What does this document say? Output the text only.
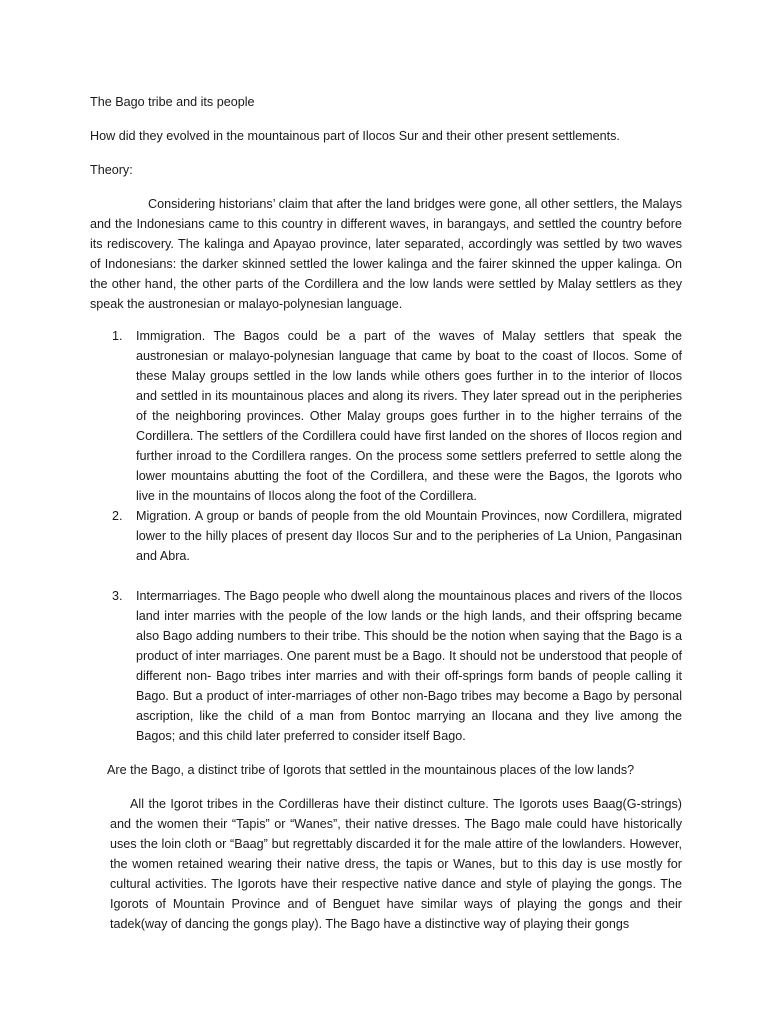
The Bago tribe and its people
How did they evolved in the mountainous part of Ilocos Sur and their other present settlements.
Theory:

Considering historians’ claim that after the land bridges were gone, all other settlers, the Malays and the Indonesians came to this country in different waves, in barangays, and settled the country before its rediscovery. The kalinga and Apayao province, later separated, accordingly was settled by two waves of Indonesians: the darker skinned settled the lower kalinga and the fairer skinned the upper kalinga. On the other hand, the other parts of the Cordillera and the low lands were settled by Malay settlers as they speak the austronesian or malayo-polynesian language.

1. Immigration. The Bagos could be a part of the waves of Malay settlers that speak the austronesian or malayo-polynesian language that came by boat to the coast of Ilocos. Some of these Malay groups settled in the low lands while others goes further in to the interior of Ilocos and settled in its mountainous places and along its rivers. They later spread out in the peripheries of the neighboring provinces. Other Malay groups goes further in to the higher terrains of the Cordillera. The settlers of the Cordillera could have first landed on the shores of Ilocos region and further inroad to the Cordillera ranges. On the process some settlers preferred to settle along the lower mountains abutting the foot of the Cordillera, and these were the Bagos, the Igorots who live in the mountains of Ilocos along the foot of the Cordillera.
2. Migration. A group or bands of people from the old Mountain Provinces, now Cordillera, migrated lower to the hilly places of present day Ilocos Sur and to the peripheries of La Union, Pangasinan and Abra.
3. Intermarriages. The Bago people who dwell along the mountainous places and rivers of the Ilocos land inter marries with the people of the low lands or the high lands, and their offspring became also Bago adding numbers to their tribe. This should be the notion when saying that the Bago is a product of inter marriages. One parent must be a Bago. It should not be understood that people of different non- Bago tribes inter marries and with their off-springs form bands of people calling it Bago. But a product of inter-marriages of other non-Bago tribes may become a Bago by personal ascription, like the child of a man from Bontoc marrying an Ilocana and they live among the Bagos; and this child later preferred to consider itself Bago.
Are the Bago, a distinct tribe of Igorots that settled in the mountainous places of the low lands?

All the Igorot tribes in the Cordilleras have their distinct culture. The Igorots uses Baag(G-strings) and the women their “Tapis” or “Wanes”, their native dresses. The Bago male could have historically uses the loin cloth or “Baag” but regrettably discarded it for the male attire of the lowlanders. However, the women retained wearing their native dress, the tapis or Wanes, but to this day is use mostly for cultural activities. The Igorots have their respective native dance and style of playing the gongs. The Igorots of Mountain Province and of Benguet have similar ways of playing the gongs and their tadek(way of dancing the gongs play). The Bago have a distinctive way of playing their gongs
